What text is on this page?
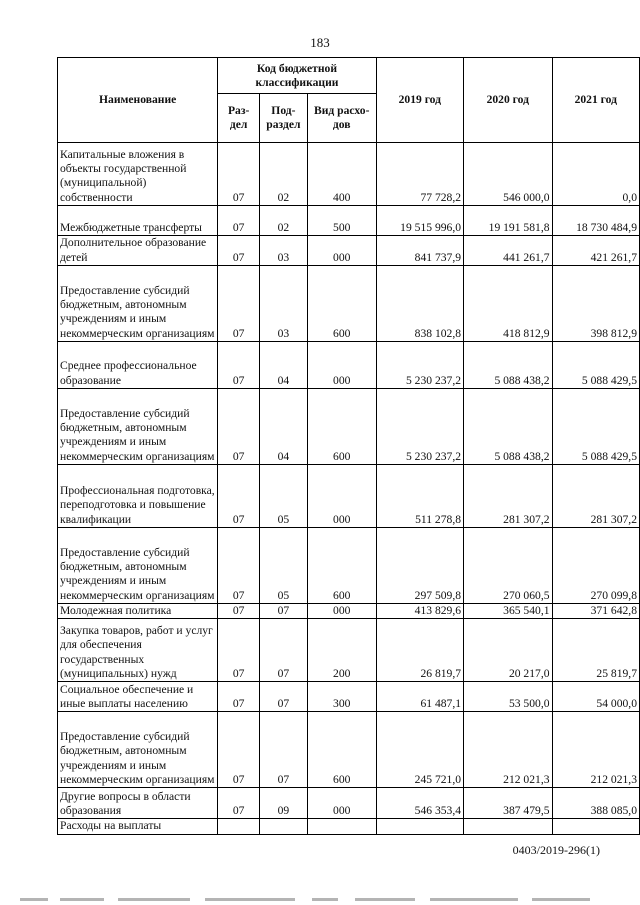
183
Наименование	Код бюджетной классификации			2019 год	2020 год	2021 год
	Раз-дел	Под-раздел	Вид расхо-дов			
Капитальные вложения в объекты государственной (муниципальной) собственности	07	02	400	77 728,2	546 000,0	0,0
Межбюджетные трансферты	07	02	500	19 515 996,0	19 191 581,8	18 730 484,9
Дополнительное образование детей	07	03	000	841 737,9	441 261,7	421 261,7
Предоставление субсидий бюджетным, автономным учреждениям и иным некоммерческим организациям	07	03	600	838 102,8	418 812,9	398 812,9
Среднее профессиональное образование	07	04	000	5 230 237,2	5 088 438,2	5 088 429,5
Предоставление субсидий бюджетным, автономным учреждениям и иным некоммерческим организациям	07	04	600	5 230 237,2	5 088 438,2	5 088 429,5
Профессиональная подготовка, переподготовка и повышение квалификации	07	05	000	511 278,8	281 307,2	281 307,2
Предоставление субсидий бюджетным, автономным учреждениям и иным некоммерческим организациям	07	05	600	297 509,8	270 060,5	270 099,8
Молодежная политика	07	07	000	413 829,6	365 540,1	371 642,8
Закупка товаров, работ и услуг для обеспечения государственных (муниципальных) нужд	07	07	200	26 819,7	20 217,0	25 819,7
Социальное обеспечение и иные выплаты населению	07	07	300	61 487,1	53 500,0	54 000,0
Предоставление субсидий бюджетным, автономным учреждениям и иным некоммерческим организациям	07	07	600	245 721,0	212 021,3	212 021,3
Другие вопросы в области образования	07	09	000	546 353,4	387 479,5	388 085,0
Расходы на выплаты						
0403/2019-296(1)
